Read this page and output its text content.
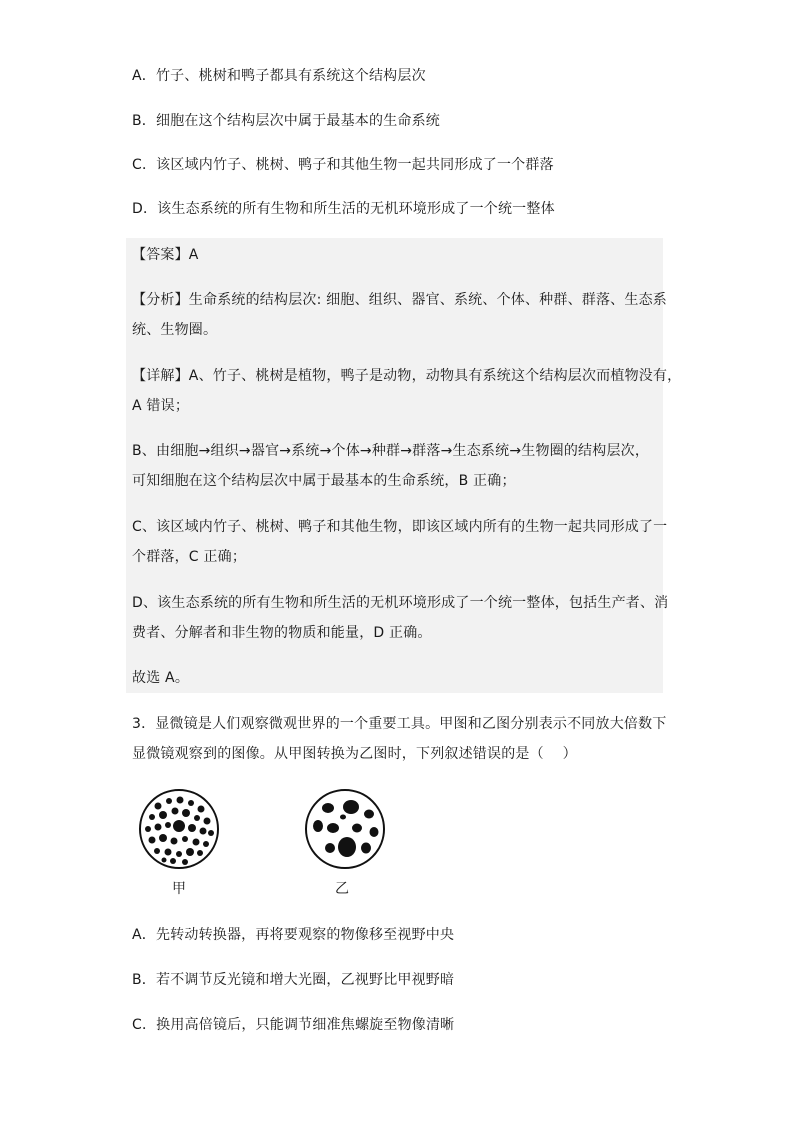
A．竹子、桃树和鸭子都具有系统这个结构层次
B．细胞在这个结构层次中属于最基本的生命系统
C．该区域内竹子、桃树、鸭子和其他生物一起共同形成了一个群落
D．该生态系统的所有生物和所生活的无机环境形成了一个统一整体
【答案】A
【分析】生命系统的结构层次: 细胞、组织、器官、系统、个体、种群、群落、生态系
统、生物圈。
【详解】A、竹子、桃树是植物，鸭子是动物，动物具有系统这个结构层次而植物没有，
A 错误；
B、由细胞→组织→器官→系统→个体→种群→群落→生态系统→生物圈的结构层次，
可知细胞在这个结构层次中属于最基本的生命系统，B 正确；
C、该区域内竹子、桃树、鸭子和其他生物，即该区域内所有的生物一起共同形成了一
个群落，C 正确；
D、该生态系统的所有生物和所生活的无机环境形成了一个统一整体，包括生产者、消
费者、分解者和非生物的物质和能量，D 正确。
故选 A。
3．显微镜是人们观察微观世界的一个重要工具。甲图和乙图分别表示不同放大倍数下
显微镜观察到的图像。从甲图转换为乙图时，下列叙述错误的是（　 ）
甲	乙
A．先转动转换器，再将要观察的物像移至视野中央
B．若不调节反光镜和增大光圈，乙视野比甲视野暗
C．换用高倍镜后，只能调节细准焦螺旋至物像清晰
